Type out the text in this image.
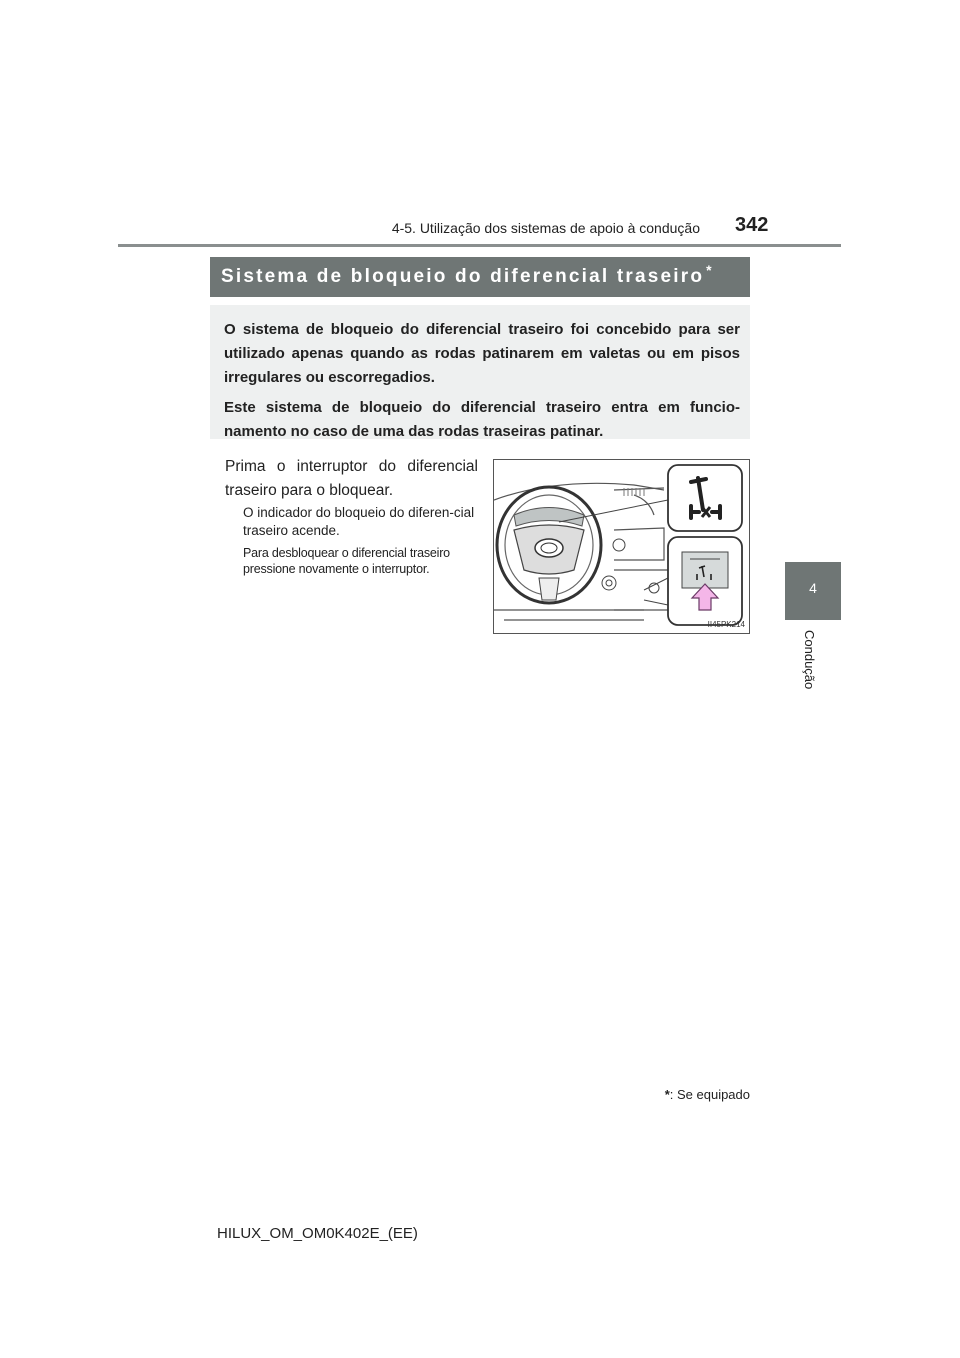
4-5. Utilização dos sistemas de apoio à condução 342
4
Condução
Sistema de bloqueio do diferencial traseiro *

O sistema de bloqueio do diferencial traseiro foi concebido para ser utilizado apenas quando as rodas patinarem em valetas ou em pisos irregulares ou escorregadios.

Este sistema de bloqueio do diferencial traseiro entra em funcio-namento no caso de uma das rodas traseiras patinar.

Prima o interruptor do diferencial traseiro para o bloquear.
O indicador do bloqueio do diferen-cial traseiro acende.
Para desbloquear o diferencial traseiro pressione novamente o interruptor.
II45PK214
*: Se equipado
HILUX_OM_OM0K402E_(EE)
